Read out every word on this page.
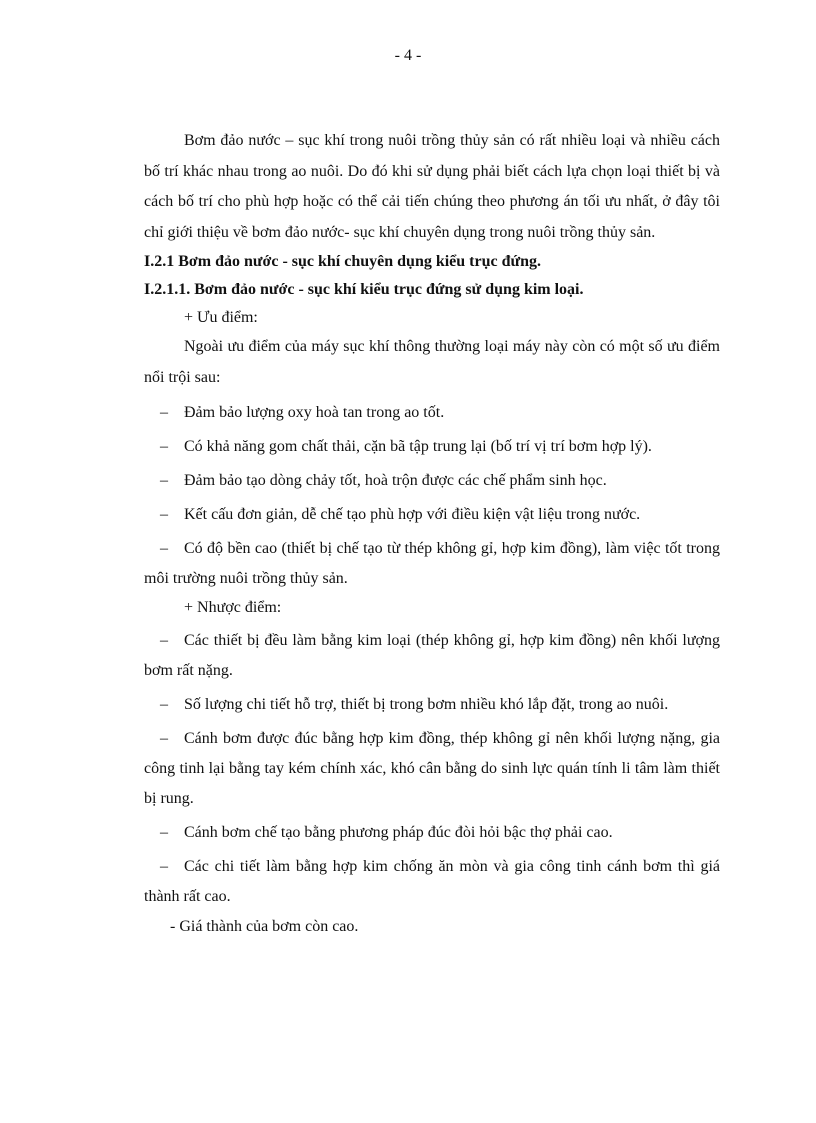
- 4 -

Bơm đảo nước – sục khí trong nuôi trồng thủy sản có rất nhiều loại và nhiều cách bố trí khác nhau trong ao nuôi. Do đó khi sử dụng phải biết cách lựa chọn loại thiết bị và cách bố trí cho phù hợp hoặc có thể cải tiến chúng theo phương án tối ưu nhất, ở đây tôi chỉ giới thiệu về bơm đảo nước- sục khí chuyên dụng trong nuôi trồng thủy sản.

I.2.1 Bơm đảo nước - sục khí chuyên dụng kiểu trục đứng.

I.2.1.1. Bơm đảo nước - sục khí kiểu trục đứng sử dụng kim loại.

+ Ưu điểm:

Ngoài ưu điểm của máy sục khí thông thường loại máy này còn có một số ưu điểm nổi trội sau:

– Đảm bảo lượng oxy hoà tan trong ao tốt.

– Có khả năng gom chất thải, cặn bã tập trung lại (bố trí vị trí bơm hợp lý).

– Đảm bảo tạo dòng chảy tốt, hoà trộn được các chế phẩm sinh học.

– Kết cấu đơn giản, dễ chế tạo phù hợp với điều kiện vật liệu trong nước.

– Có độ bền cao (thiết bị chế tạo từ thép không gỉ, hợp kim đồng), làm việc tốt trong môi trường nuôi trồng thủy sản.

+ Nhược điểm:

– Các thiết bị đều làm bằng kim loại (thép không gỉ, hợp kim đồng) nên khối lượng bơm rất nặng.

– Số lượng chi tiết hỗ trợ, thiết bị trong bơm nhiều khó lắp đặt, trong ao nuôi.

– Cánh bơm được đúc bằng hợp kim đồng, thép không gỉ nên khối lượng nặng, gia công tinh lại bằng tay kém chính xác, khó cân bằng do sinh lực quán tính li tâm làm thiết bị rung.

– Cánh bơm chế tạo bằng phương pháp đúc đòi hỏi bậc thợ phải cao.

– Các chi tiết làm bằng hợp kim chống ăn mòn và gia công tinh cánh bơm thì giá thành rất cao.

- Giá thành của bơm còn cao.
